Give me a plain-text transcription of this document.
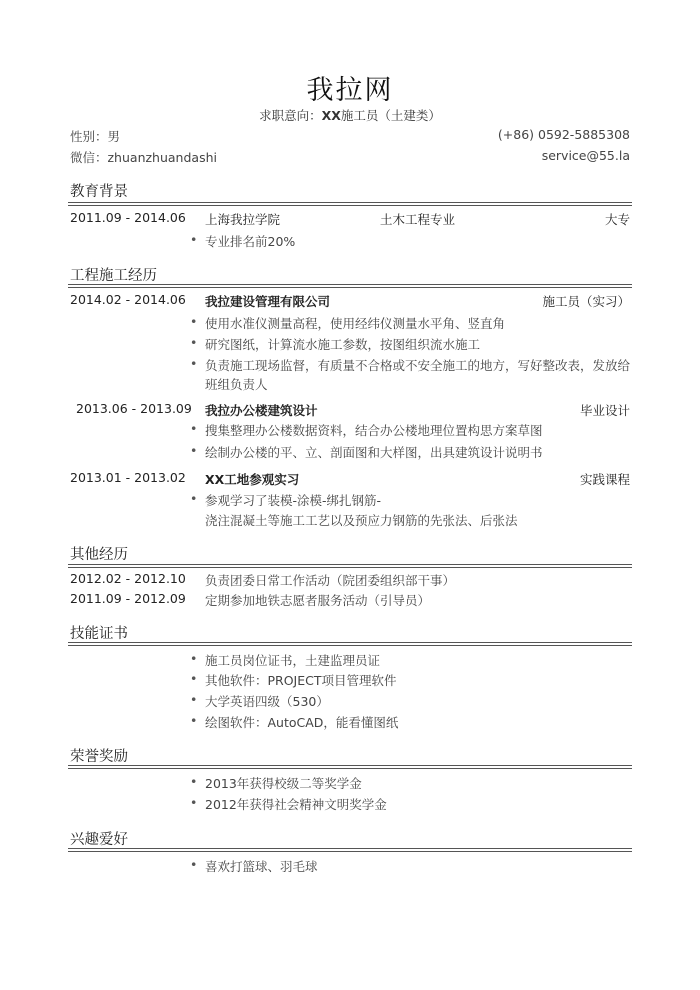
我拉网
求职意向：XX施工员（土建类）
性别：男	(+86) 0592-5885308
微信：zhuanzhuandashi	service@55.la
教育背景
2011.09 - 2014.06 上海我拉学院	土木工程专业	大专
专业排名前20%
工程施工经历
2014.02 - 2014.06 我拉建设管理有限公司	施工员（实习）
使用水准仪测量高程，使用经纬仪测量水平角、竖直角
研究图纸，计算流水施工参数，按图组织流水施工
负责施工现场监督，有质量不合格或不安全施工的地方，写好整改表，发放给
班组负责人
2013.06 - 2013.09 我拉办公楼建筑设计	毕业设计
搜集整理办公楼数据资料，结合办公楼地理位置构思方案草图
绘制办公楼的平、立、剖面图和大样图，出具建筑设计说明书
2013.01 - 2013.02 XX工地参观实习	实践课程
参观学习了装模-涂模-绑扎钢筋-
浇注混凝土等施工工艺以及预应力钢筋的先张法、后张法
其他经历
2012.02 - 2012.10 负责团委日常工作活动（院团委组织部干事）
2011.09 - 2012.09 定期参加地铁志愿者服务活动（引导员）
技能证书
施工员岗位证书，土建监理员证
其他软件：PROJECT项目管理软件
大学英语四级（530）
绘图软件：AutoCAD，能看懂图纸
荣誉奖励
2013年获得校级二等奖学金
2012年获得社会精神文明奖学金
兴趣爱好
喜欢打篮球、羽毛球
